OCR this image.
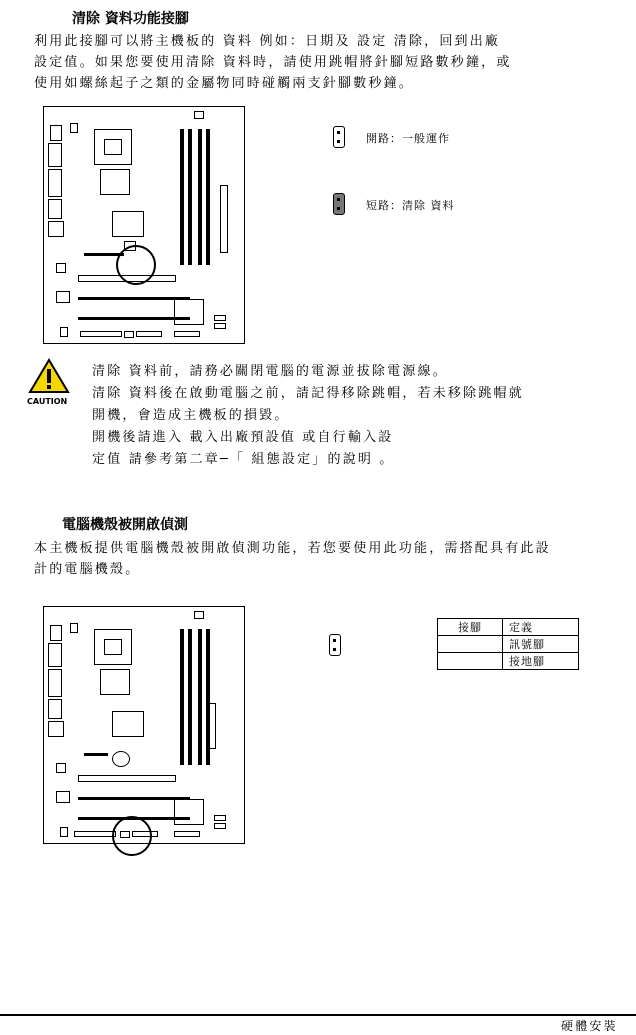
清除 資料功能接腳
利用此接腳可以將主機板的 資料 例如：日期及 設定 清除，回到出廠
設定值。如果您要使用清除 資料時，請使用跳帽將針腳短路數秒鐘，或
使用如螺絲起子之類的金屬物同時碰觸兩支針腳數秒鐘。
開路：一般運作
短路：清除 資料
CAUTION
清除 資料前，請務必關閉電腦的電源並拔除電源線。
清除 資料後在啟動電腦之前，請記得移除跳帽，若未移除跳帽就
開機，會造成主機板的損毀。
開機後請進入 載入出廠預設值 或自行輸入設
定值 請參考第二章─「 組態設定」的說明 。
電腦機殼被開啟偵測
本主機板提供電腦機殼被開啟偵測功能，若您要使用此功能，需搭配具有此設
計的電腦機殼。
接腳	定義
	訊號腳
	接地腳
硬體安裝
